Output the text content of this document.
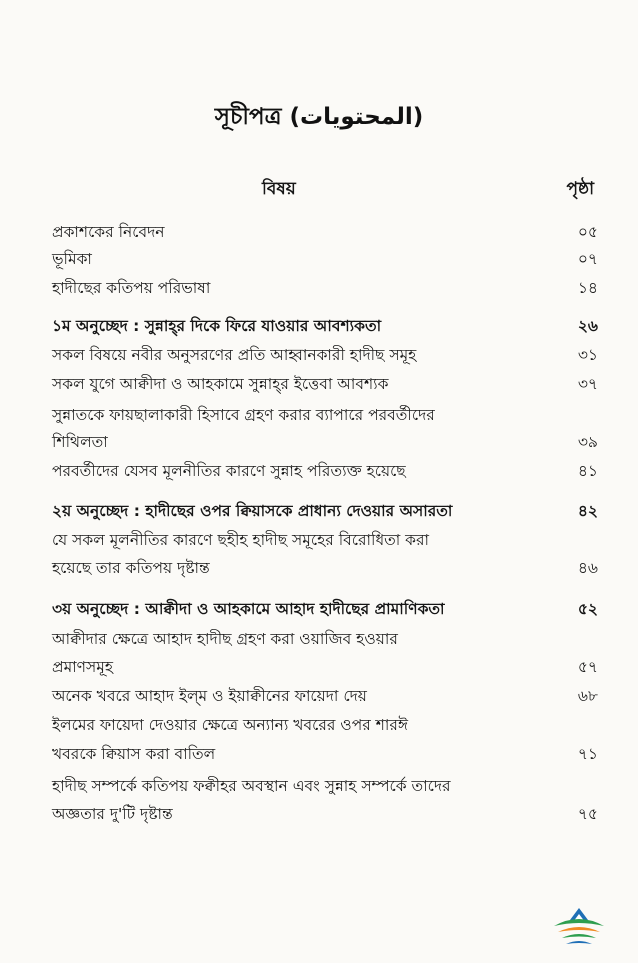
সূচীপত্র (المحتويات)
বিষয়	পৃষ্ঠা
প্রকাশকের নিবেদন	০৫
ভূমিকা	০৭
হাদীছের কতিপয় পরিভাষা	১৪
১ম অনুচ্ছেদ : সুন্নাহ্‌র দিকে ফিরে যাওয়ার আবশ্যকতা	২৬
সকল বিষয়ে নবীর অনুসরণের প্রতি আহ্বানকারী হাদীছ সমূহ	৩১
সকল যুগে আক্বীদা ও আহকামে সুন্নাহ্‌র ইত্তেবা আবশ্যক	৩৭
সুন্নাতকে ফায়ছালাকারী হিসাবে গ্রহণ করার ব্যাপারে পরবর্তীদের
শিথিলতা	৩৯
পরবর্তীদের যেসব মূলনীতির কারণে সুন্নাহ পরিত্যক্ত হয়েছে	৪১
২য় অনুচ্ছেদ : হাদীছের ওপর ক্বিয়াসকে প্রাধান্য দেওয়ার অসারতা	৪২
যে সকল মূলনীতির কারণে ছহীহ হাদীছ সমূহের বিরোধিতা করা
হয়েছে তার কতিপয় দৃষ্টান্ত	৪৬
৩য় অনুচ্ছেদ : আক্বীদা ও আহকামে আহাদ হাদীছের প্রামাণিকতা	৫২
আক্বীদার ক্ষেত্রে আহাদ হাদীছ গ্রহণ করা ওয়াজিব হওয়ার
প্রমাণসমূহ	৫৭
অনেক খবরে আহাদ ইল্‌ম ও ইয়াক্বীনের ফায়েদা দেয়	৬৮
ইলমের ফায়েদা দেওয়ার ক্ষেত্রে অন্যান্য খবরের ওপর শারঈ
খবরকে ক্বিয়াস করা বাতিল	৭১
হাদীছ সম্পর্কে কতিপয় ফক্বীহর অবস্থান এবং সুন্নাহ সম্পর্কে তাদের
অজ্ঞতার দু'টি দৃষ্টান্ত	৭৫
